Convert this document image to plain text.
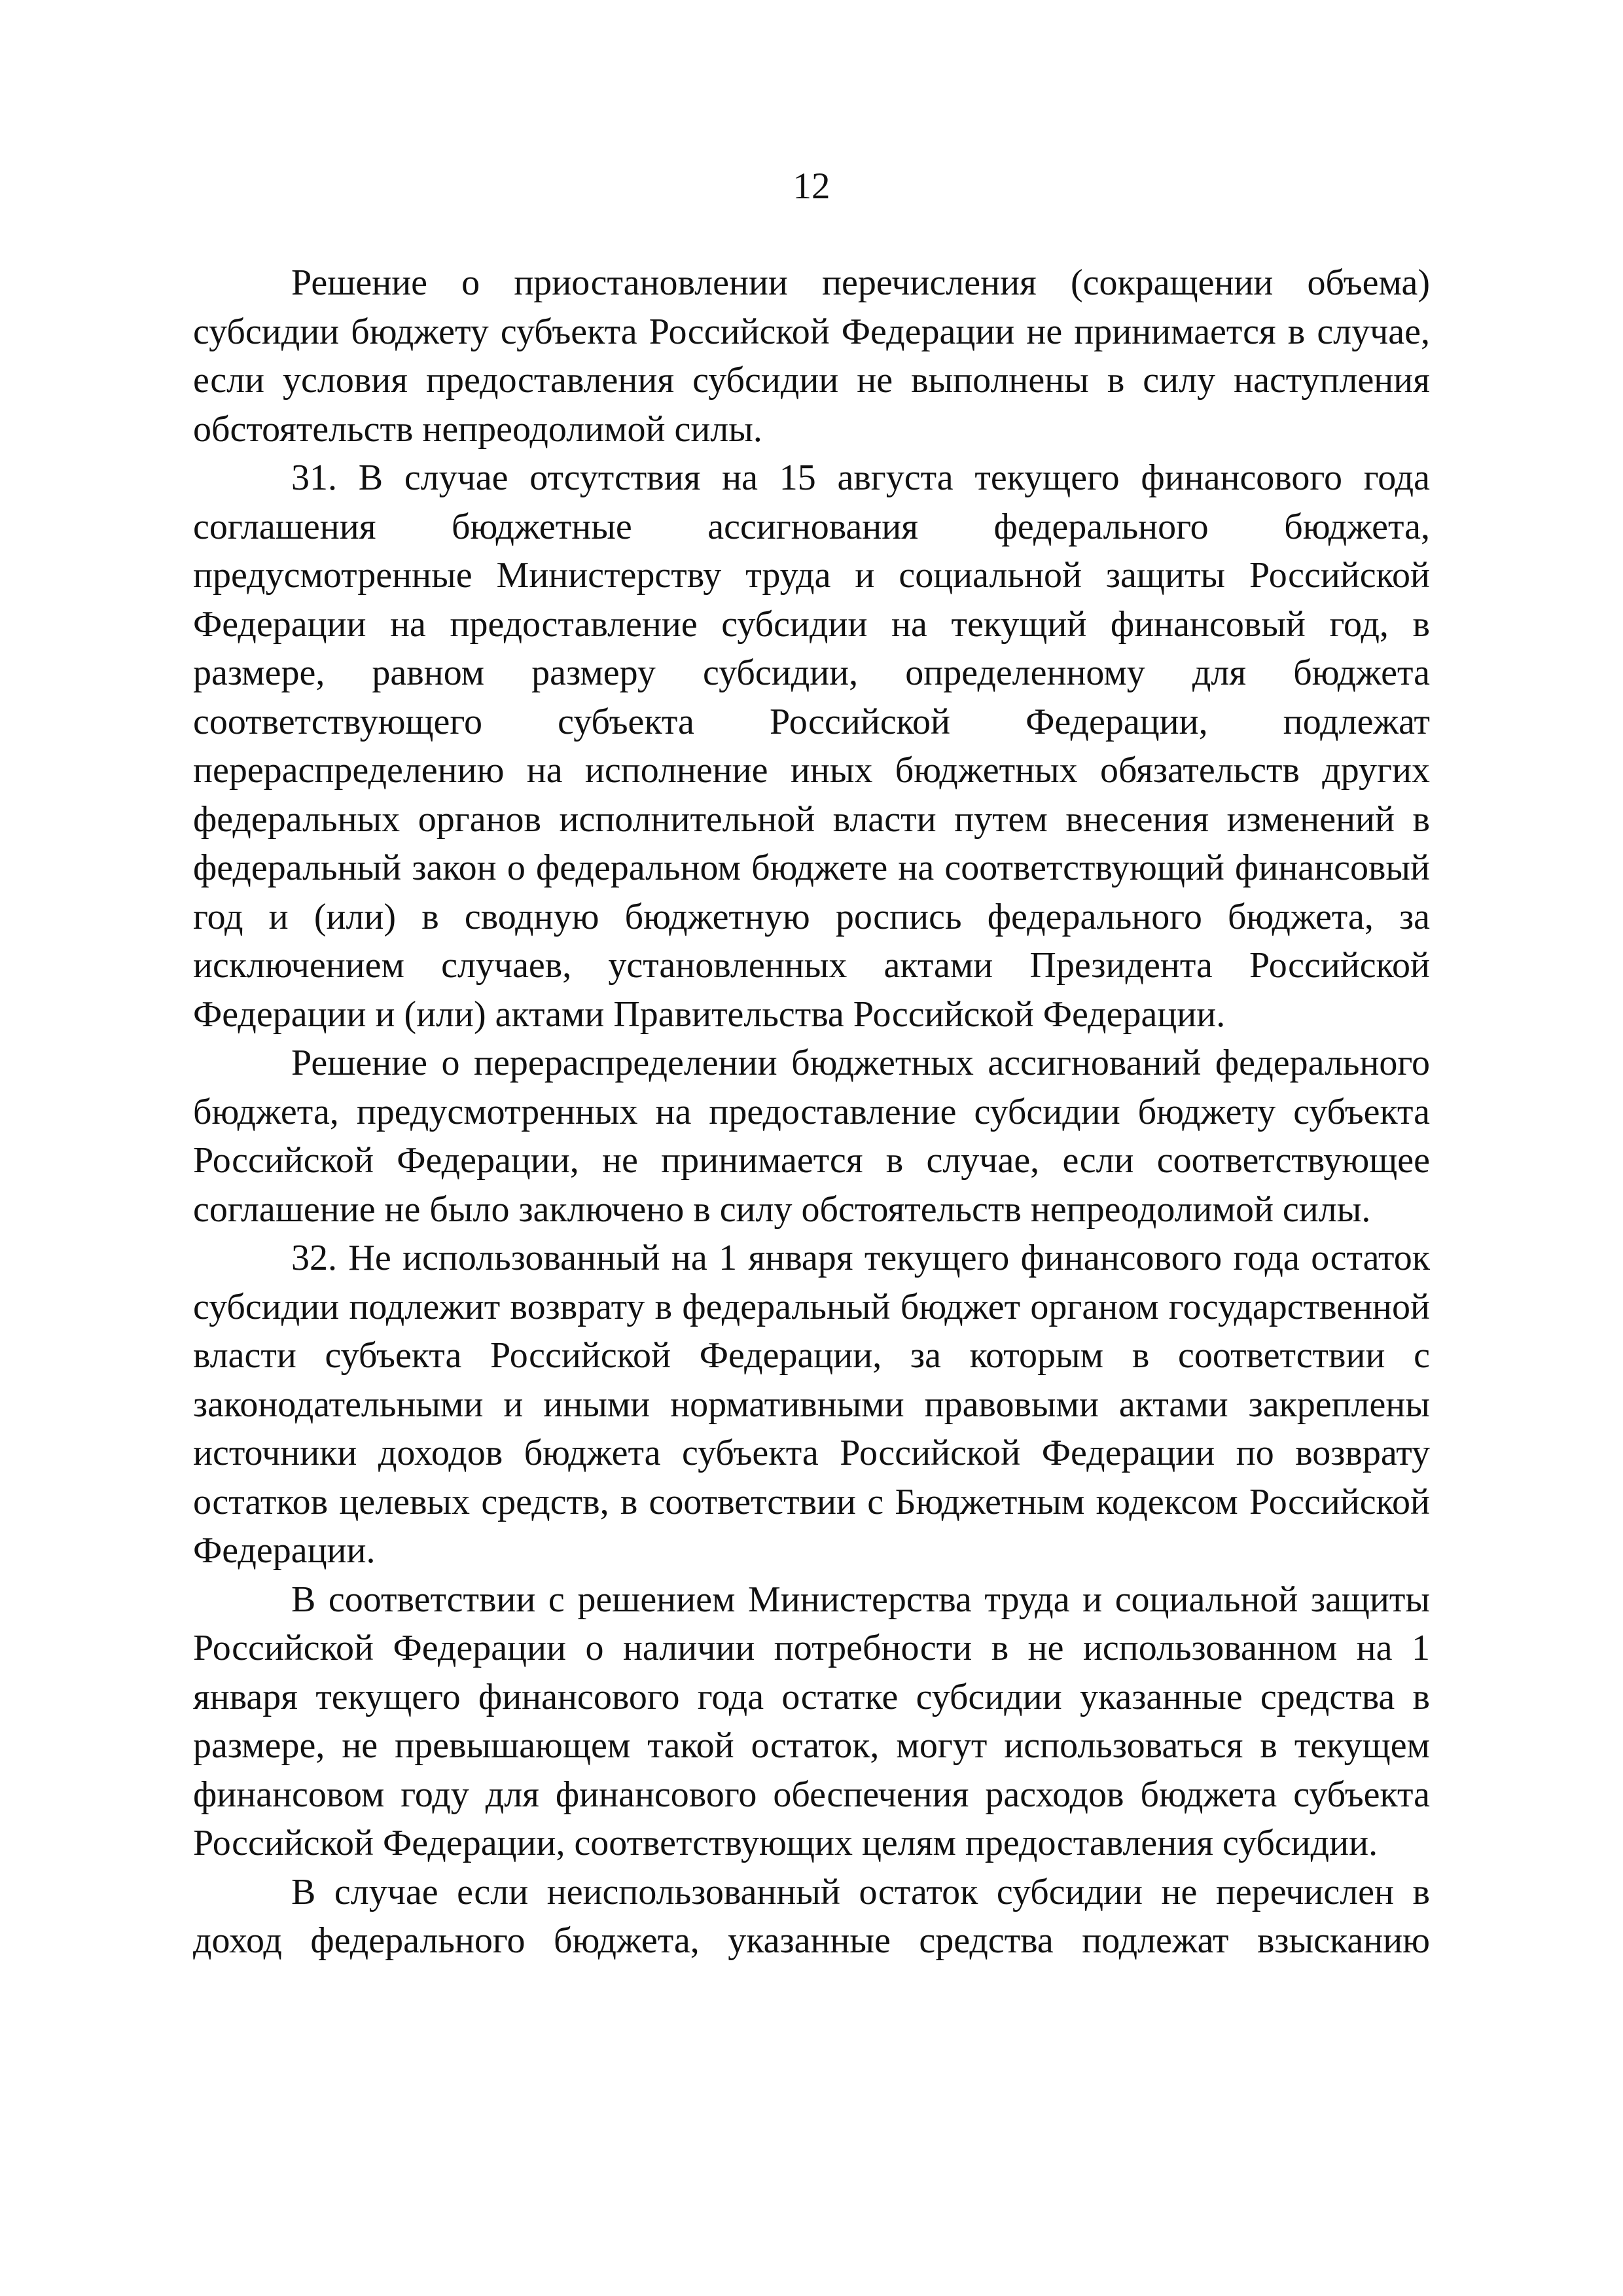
12

Решение о приостановлении перечисления (сокращении объема) субсидии бюджету субъекта Российской Федерации не принимается в случае, если условия предоставления субсидии не выполнены в силу наступления обстоятельств непреодолимой силы.

31. В случае отсутствия на 15 августа текущего финансового года соглашения бюджетные ассигнования федерального бюджета, предусмотренные Министерству труда и социальной защиты Российской Федерации на предоставление субсидии на текущий финансовый год, в размере, равном размеру субсидии, определенному для бюджета соответствующего субъекта Российской Федерации, подлежат перераспределению на исполнение иных бюджетных обязательств других федеральных органов исполнительной власти путем внесения изменений в федеральный закон о федеральном бюджете на соответствующий финансовый год и (или) в сводную бюджетную роспись федерального бюджета, за исключением случаев, установленных актами Президента Российской Федерации и (или) актами Правительства Российской Федерации.

Решение о перераспределении бюджетных ассигнований федерального бюджета, предусмотренных на предоставление субсидии бюджету субъекта Российской Федерации, не принимается в случае, если соответствующее соглашение не было заключено в силу обстоятельств непреодолимой силы.

32. Не использованный на 1 января текущего финансового года остаток субсидии подлежит возврату в федеральный бюджет органом государственной власти субъекта Российской Федерации, за которым в соответствии с законодательными и иными нормативными правовыми актами закреплены источники доходов бюджета субъекта Российской Федерации по возврату остатков целевых средств, в соответствии с Бюджетным кодексом Российской Федерации.

В соответствии с решением Министерства труда и социальной защиты Российской Федерации о наличии потребности в не использованном на 1 января текущего финансового года остатке субсидии указанные средства в размере, не превышающем такой остаток, могут использоваться в текущем финансовом году для финансового обеспечения расходов бюджета субъекта Российской Федерации, соответствующих целям предоставления субсидии.

В случае если неиспользованный остаток субсидии не перечислен в доход федерального бюджета, указанные средства подлежат взысканию
